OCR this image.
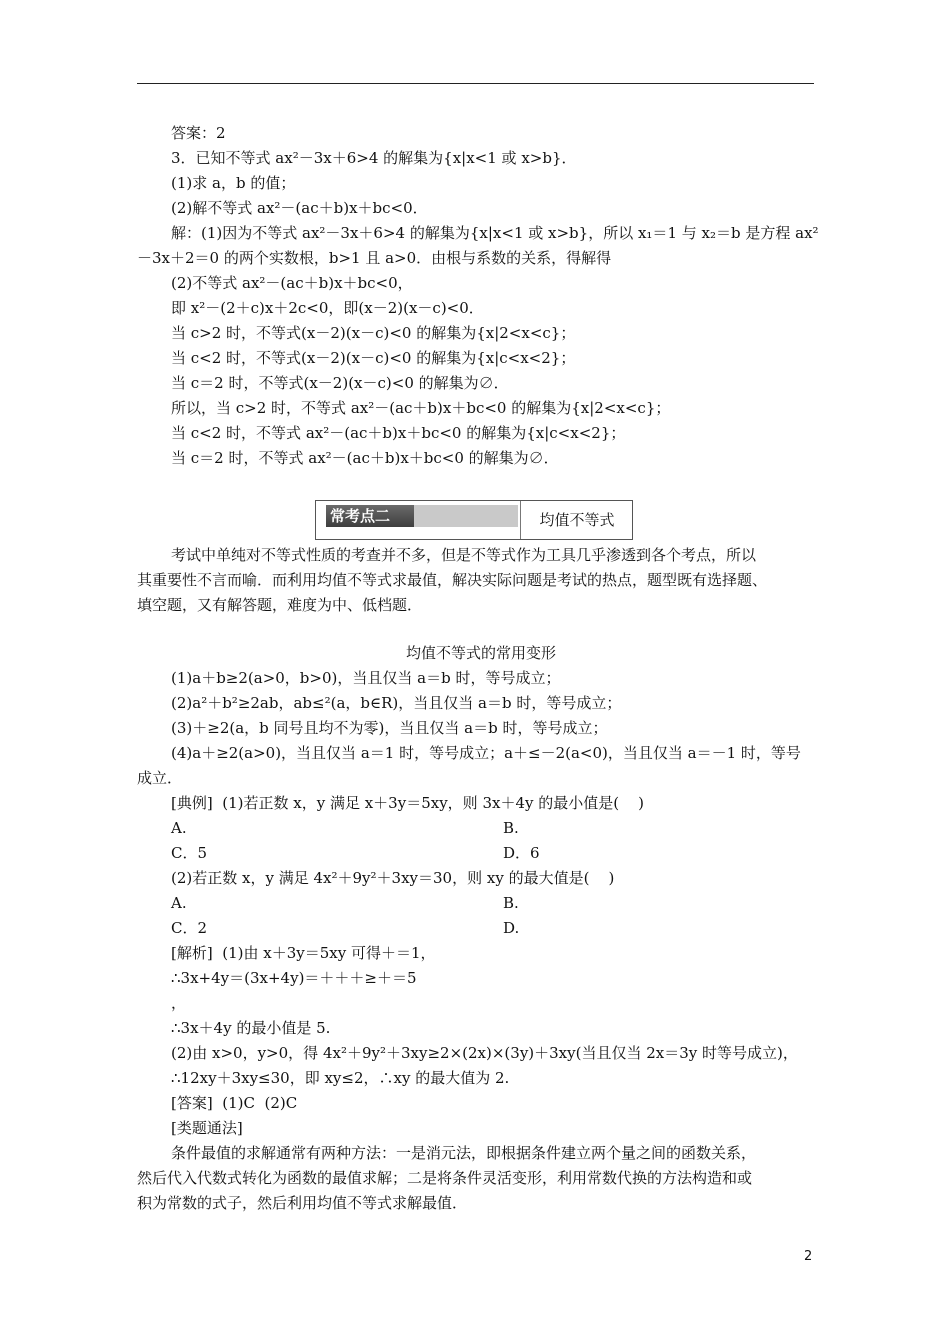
答案：2
3．已知不等式 ax²－3x＋6>4 的解集为{x|x<1 或 x>b}．
(1)求 a，b 的值；
(2)解不等式 ax²－(ac＋b)x＋bc<0．
解：(1)因为不等式 ax²－3x＋6>4 的解集为{x|x<1 或 x>b}，所以 x₁＝1 与 x₂＝b 是方程 ax²
－3x＋2＝0 的两个实数根，b>1 且 a>0．由根与系数的关系，得解得
(2)不等式 ax²－(ac＋b)x＋bc<0，
即 x²－(2＋c)x＋2c<0，即(x－2)(x－c)<0．
当 c>2 时，不等式(x－2)(x－c)<0 的解集为{x|2<x<c}；
当 c<2 时，不等式(x－2)(x－c)<0 的解集为{x|c<x<2}；
当 c＝2 时，不等式(x－2)(x－c)<0 的解集为∅．
所以，当 c>2 时，不等式 ax²－(ac＋b)x＋bc<0 的解集为{x|2<x<c}；
当 c<2 时，不等式 ax²－(ac＋b)x＋bc<0 的解集为{x|c<x<2}；
当 c＝2 时，不等式 ax²－(ac＋b)x＋bc<0 的解集为∅．
考试中单纯对不等式性质的考查并不多，但是不等式作为工具几乎渗透到各个考点，所以
其重要性不言而喻．而利用均值不等式求最值，解决实际问题是考试的热点，题型既有选择题、
填空题，又有解答题，难度为中、低档题．
均值不等式的常用变形
(1)a＋b≥2(a>0，b>0)，当且仅当 a＝b 时，等号成立；
(2)a²＋b²≥2ab，ab≤²(a，b∈R)，当且仅当 a＝b 时，等号成立；
(3)＋≥2(a，b 同号且均不为零)，当且仅当 a＝b 时，等号成立；
(4)a＋≥2(a>0)，当且仅当 a＝1 时，等号成立；a＋≤－2(a<0)，当且仅当 a＝－1 时，等号
成立．
[典例]  (1)若正数 x，y 满足 x＋3y＝5xy，则 3x＋4y 的最小值是(    )
A.	B.
C．5	D．6
(2)若正数 x，y 满足 4x²＋9y²＋3xy＝30，则 xy 的最大值是(    )
A.	B.
C．2	D.
[解析]  (1)由 x＋3y＝5xy 可得＋＝1，
∴3x+4y＝(3x+4y)＝＋＋＋≥＋＝5
，
∴3x＋4y 的最小值是 5.
(2)由 x>0，y>0，得 4x²＋9y²＋3xy≥2×(2x)×(3y)＋3xy(当且仅当 2x＝3y 时等号成立)，
∴12xy＋3xy≤30，即 xy≤2，∴xy 的最大值为 2.
[答案]  (1)C  (2)C
[类题通法]
条件最值的求解通常有两种方法：一是消元法，即根据条件建立两个量之间的函数关系，
然后代入代数式转化为函数的最值求解；二是将条件灵活变形，利用常数代换的方法构造和或
积为常数的式子，然后利用均值不等式求解最值．
常考点二	均值不等式
2
